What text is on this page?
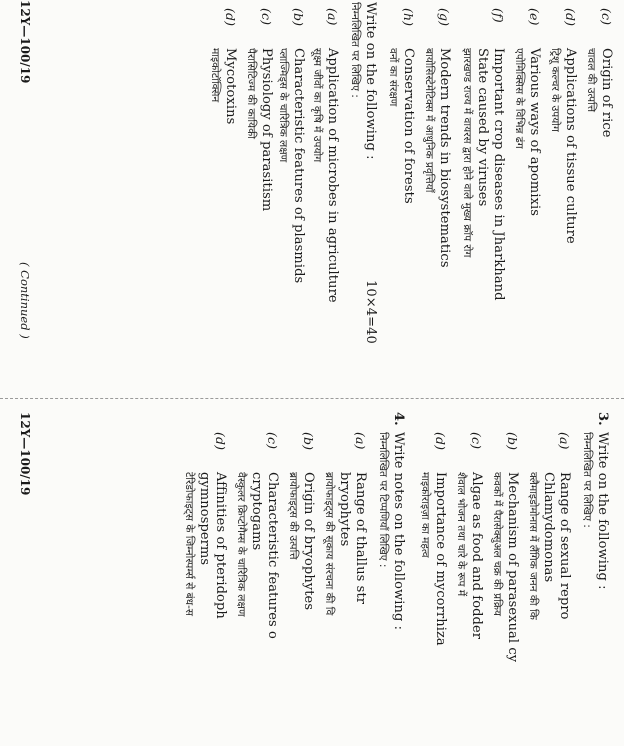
(c)
Origin of rice
चावल की उत्पत्ति
(d)
Applications of tissue culture
ट्रिशू कल्चर के उपयोग
(e)
Various ways of apomixis
एपोमिक्सिस के विभिन्न ढंग
(f)
Important crop diseases in Jharkhand
State caused by viruses
झारखण्ड राज्य में वायरस द्वारा होने वाले मुख्य क्रॉप रोग
(g)
Modern trends in biosystematics
बायोसिस्टेमेटिक्स में आधुनिक प्रवृत्तियाँ
(h)
Conservation of forests
वनों का संरक्षण
Write on the following :
10×4=40
निम्नलिखित पर लिखिए :
(a)
Application of microbes in agriculture
सूक्ष्म जीवों का कृषि में उपयोग
(b)
Characteristic features of plasmids
प्लाज्मिड्स के चारित्रिक लक्षण
(c)
Physiology of parasitism
पैरासिटिज्म की कायिकी
(d)
Mycotoxins
माइकोटॉक्सिन
12Y—100/19
( Continued )
3.
Write on the following :
निम्नलिखित पर लिखिए :
(a)
Range of sexual repro
Chlamydomonas
क्लैमाइडोमोनास में लैंगिक जनन की कि
(b)
Mechanism of parasexual cy
कवकों में पैरासेक्सुअल चक्र की प्रक्रिय
(c)
Algae as food and fodder
शैवाल भोजन तथा चारे के रूप में
(d)
Importance of mycorrhiza
माइकोराइज़ा का महत्व
4.
Write notes on the following :
निम्नलिखित पर टिप्पणियाँ लिखिए :
(a)
Range of thallus str
bryophytes
ब्रायोफाइट्स की सूकाय संरचना की वि
(b)
Origin of bryophytes
ब्रायोफाइट्स की उत्पत्ति
(c)
Characteristic features o
cryptogams
वैस्कुलर क्रिप्टोगैम्स के चारित्रिक लक्षण
(d)
Affinities of pteridoph
gymnosperms
टेरिडोफाइट्स के जिम्नोस्पर्म्स से बंध-स
12Y—100/19
